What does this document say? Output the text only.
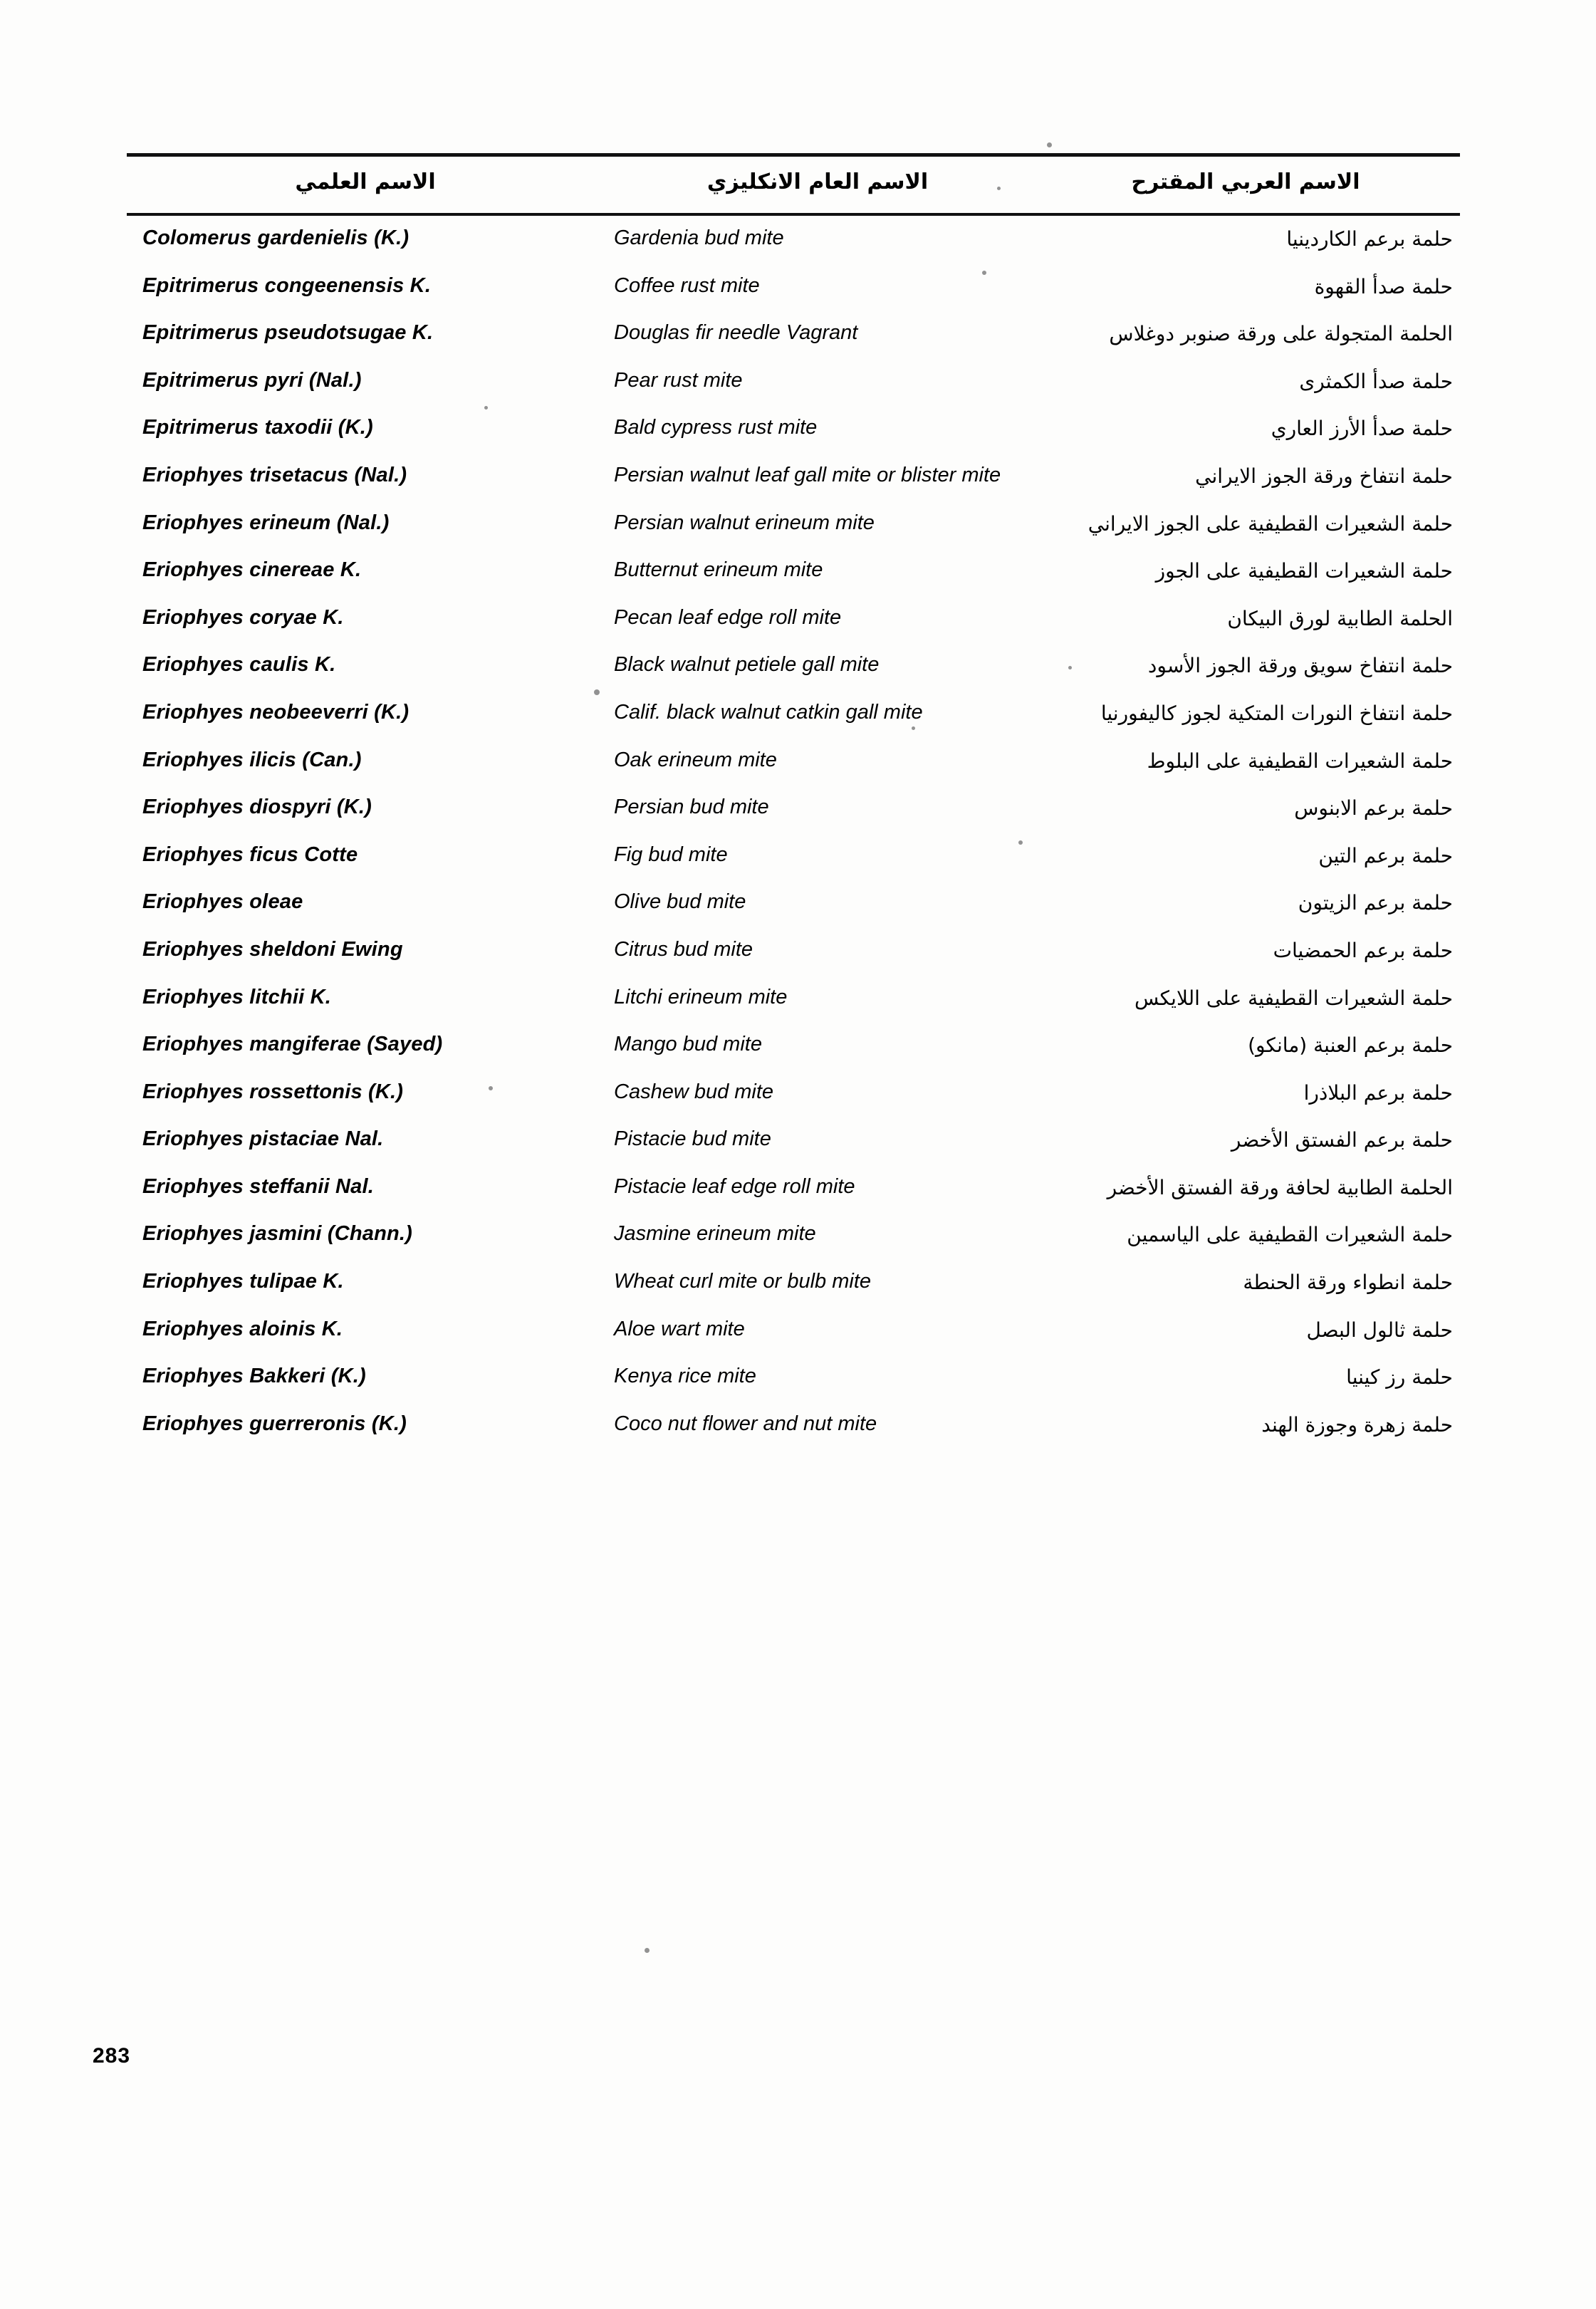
الاسم العلمي	الاسم العام الانكليزي	الاسم العربي المقترح
Colomerus gardenielis (K.)	Gardenia bud mite	حلمة برعم الكاردينيا
Epitrimerus congeenensis K.	Coffee rust mite	حلمة صدأ القهوة
Epitrimerus pseudotsugae K.	Douglas fir needle Vagrant	الحلمة المتجولة على ورقة صنوبر دوغلاس
Epitrimerus pyri (Nal.)	Pear rust mite	حلمة صدأ الكمثرى
Epitrimerus taxodii (K.)	Bald cypress rust mite	حلمة صدأ الأرز العاري
Eriophyes trisetacus (Nal.)	Persian walnut leaf gall mite or blister mite	حلمة انتفاخ ورقة الجوز الايراني
Eriophyes erineum (Nal.)	Persian walnut erineum mite	حلمة الشعيرات القطيفية على الجوز الايراني
Eriophyes cinereae K.	Butternut erineum mite	حلمة الشعيرات القطيفية على الجوز
Eriophyes coryae K.	Pecan leaf edge roll mite	الحلمة الطابية لورق البيكان
Eriophyes caulis K.	Black walnut petiele gall mite	حلمة انتفاخ سويق ورقة الجوز الأسود
Eriophyes neobeeverri (K.)	Calif. black walnut catkin gall mite	حلمة انتفاخ النورات المتكية لجوز كاليفورنيا
Eriophyes ilicis (Can.)	Oak erineum mite	حلمة الشعيرات القطيفية على البلوط
Eriophyes diospyri (K.)	Persian bud mite	حلمة برعم الابنوس
Eriophyes ficus Cotte	Fig bud mite	حلمة برعم التين
Eriophyes oleae	Olive bud mite	حلمة برعم الزيتون
Eriophyes sheldoni Ewing	Citrus bud mite	حلمة برعم الحمضيات
Eriophyes litchii K.	Litchi erineum mite	حلمة الشعيرات القطيفية على اللايكس
Eriophyes mangiferae (Sayed)	Mango bud mite	حلمة برعم العنبة (مانكو)
Eriophyes rossettonis (K.)	Cashew bud mite	حلمة برعم البلاذرا
Eriophyes pistaciae Nal.	Pistacie bud mite	حلمة برعم الفستق الأخضر
Eriophyes steffanii Nal.	Pistacie leaf edge roll mite	الحلمة الطابية لحافة ورقة الفستق الأخضر
Eriophyes jasmini (Chann.)	Jasmine erineum mite	حلمة الشعيرات القطيفية على الياسمين
Eriophyes tulipae K.	Wheat curl mite or bulb mite	حلمة انطواء ورقة الحنطة
Eriophyes aloinis K.	Aloe wart mite	حلمة ثالول البصل
Eriophyes Bakkeri (K.)	Kenya rice mite	حلمة رز كينيا
Eriophyes guerreronis (K.)	Coco nut flower and nut mite	حلمة زهرة وجوزة الهند
283
